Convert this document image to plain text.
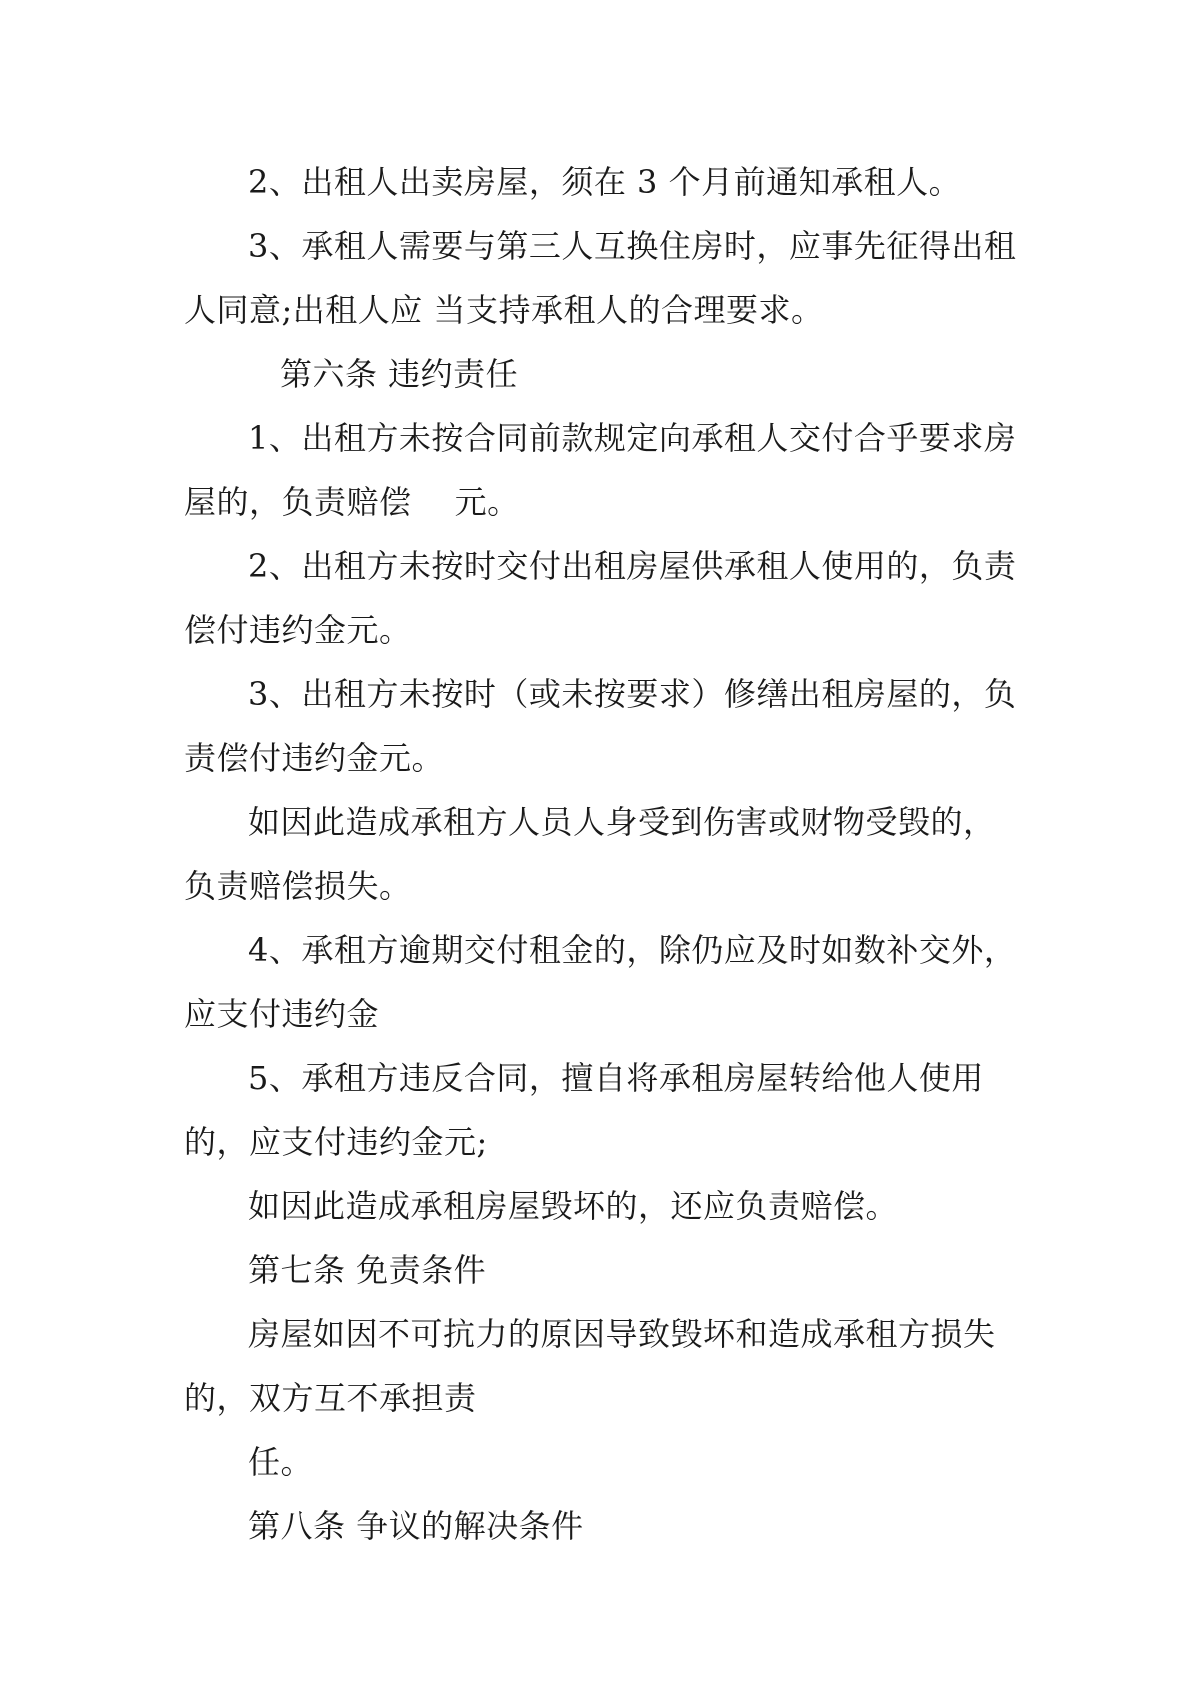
2、出租人出卖房屋，须在 3 个月前通知承租人。

3、承租人需要与第三人互换住房时，应事先征得出租人同意;出租人应 当支持承租人的合理要求。

第六条 违约责任

1、出租方未按合同前款规定向承租人交付合乎要求房屋的，负责赔偿　 元。

2、出租方未按时交付出租房屋供承租人使用的，负责偿付违约金元。

3、出租方未按时（或未按要求）修缮出租房屋的，负责偿付违约金元。

如因此造成承租方人员人身受到伤害或财物受毁的，负责赔偿损失。

4、承租方逾期交付租金的，除仍应及时如数补交外，应支付违约金

5、承租方违反合同，擅自将承租房屋转给他人使用的，应支付违约金元;

如因此造成承租房屋毁坏的，还应负责赔偿。

第七条 免责条件

房屋如因不可抗力的原因导致毁坏和造成承租方损失的，双方互不承担责

任。

第八条 争议的解决条件
